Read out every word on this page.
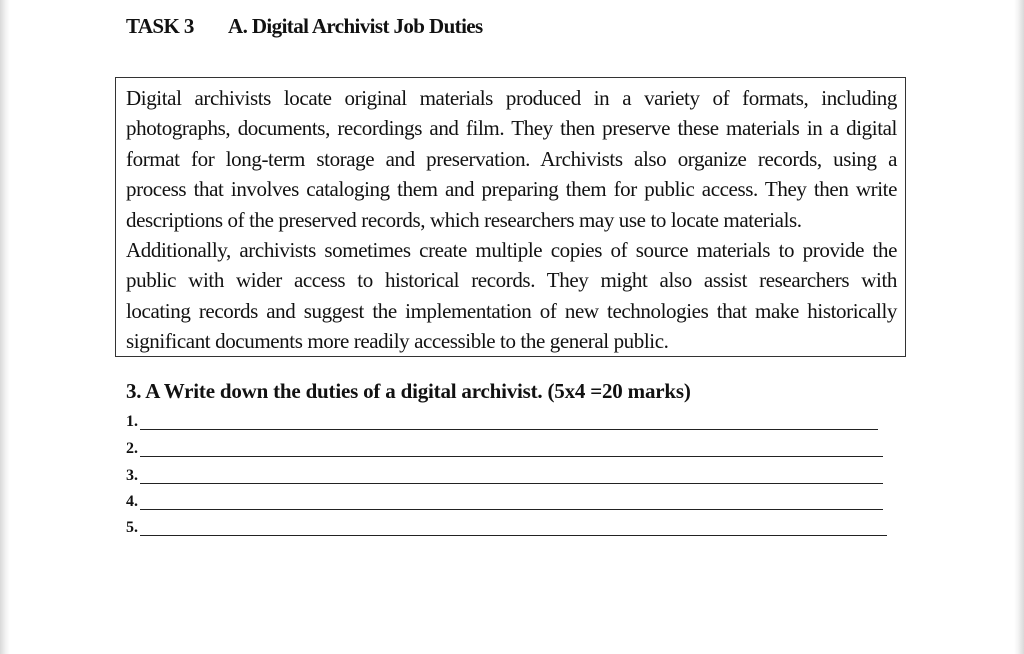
TASK 3 A. Digital Archivist Job Duties
Digital archivists locate original materials produced in a variety of formats, including
photographs, documents, recordings and film. They then preserve these materials in a digital
format for long-term storage and preservation. Archivists also organize records, using a
process that involves cataloging them and preparing them for public access. They then write
descriptions of the preserved records, which researchers may use to locate materials.
Additionally, archivists sometimes create multiple copies of source materials to provide the
public with wider access to historical records. They might also assist researchers with
locating records and suggest the implementation of new technologies that make historically
significant documents more readily accessible to the general public.
3. A Write down the duties of a digital archivist. (5x4 =20 marks)
1.
2.
3.
4.
5.
